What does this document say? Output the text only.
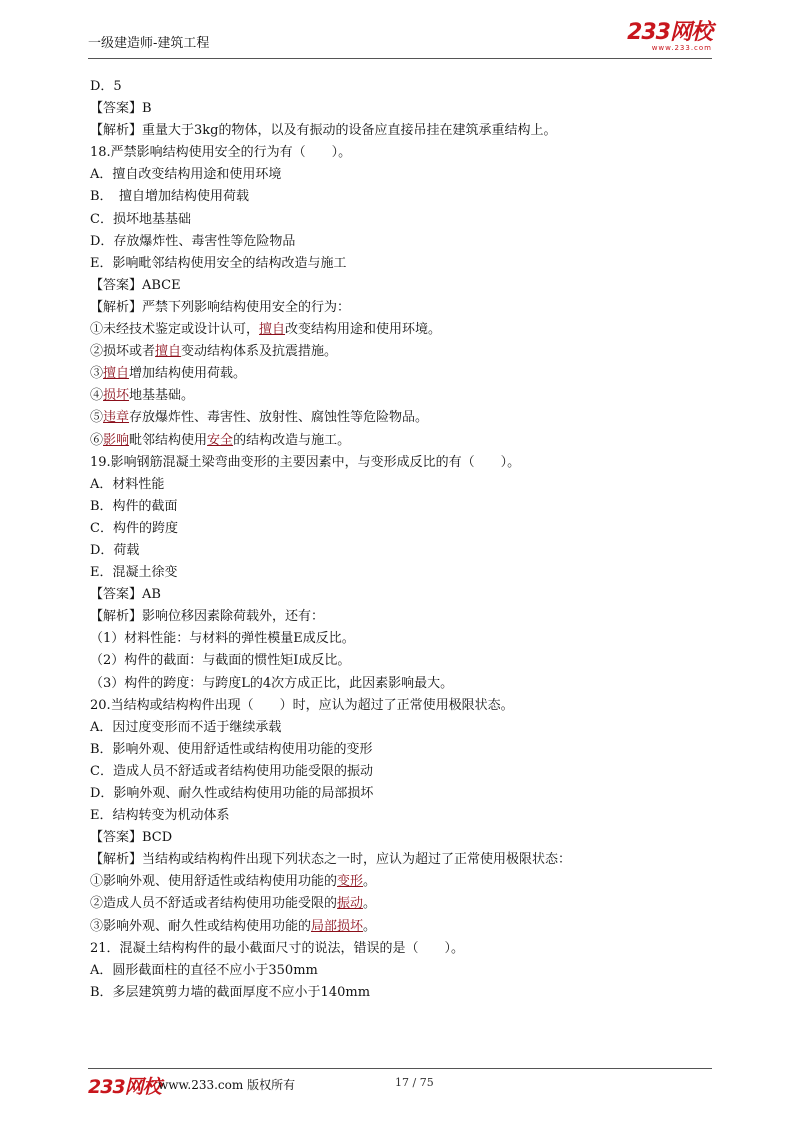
一级建造师-建筑工程	233网校
www.233.com
D．5
【答案】B
【解析】重量大于3kg的物体，以及有振动的设备应直接吊挂在建筑承重结构上。
18.严禁影响结构使用安全的行为有（　　）。
A．擅自改变结构用途和使用环境
B．　擅自增加结构使用荷载
C．损坏地基基础
D．存放爆炸性、毒害性等危险物品
E．影响毗邻结构使用安全的结构改造与施工
【答案】ABCE
【解析】严禁下列影响结构使用安全的行为：
①未经技术鉴定或设计认可，擅自改变结构用途和使用环境。
②损坏或者擅自变动结构体系及抗震措施。
③擅自增加结构使用荷载。
④损坏地基基础。
⑤违章存放爆炸性、毒害性、放射性、腐蚀性等危险物品。
⑥影响毗邻结构使用安全的结构改造与施工。
19.影响钢筋混凝土梁弯曲变形的主要因素中，与变形成反比的有（　　）。
A．材料性能
B．构件的截面
C．构件的跨度
D．荷载
E．混凝土徐变
【答案】AB
【解析】影响位移因素除荷载外，还有：
（1）材料性能：与材料的弹性模量E成反比。
（2）构件的截面：与截面的惯性矩I成反比。
（3）构件的跨度：与跨度L的4次方成正比，此因素影响最大。
20.当结构或结构构件出现（　　）时，应认为超过了正常使用极限状态。
A．因过度变形而不适于继续承载
B．影响外观、使用舒适性或结构使用功能的变形
C．造成人员不舒适或者结构使用功能受限的振动
D．影响外观、耐久性或结构使用功能的局部损坏
E．结构转变为机动体系
【答案】BCD
【解析】当结构或结构构件出现下列状态之一时，应认为超过了正常使用极限状态：
①影响外观、使用舒适性或结构使用功能的变形。
②造成人员不舒适或者结构使用功能受限的振动。
③影响外观、耐久性或结构使用功能的局部损坏。
21．混凝土结构构件的最小截面尺寸的说法，错误的是（　　）。
A．圆形截面柱的直径不应小于350mm
B．多层建筑剪力墙的截面厚度不应小于140mm
233网校
www.233.com 版权所有	17 / 75
